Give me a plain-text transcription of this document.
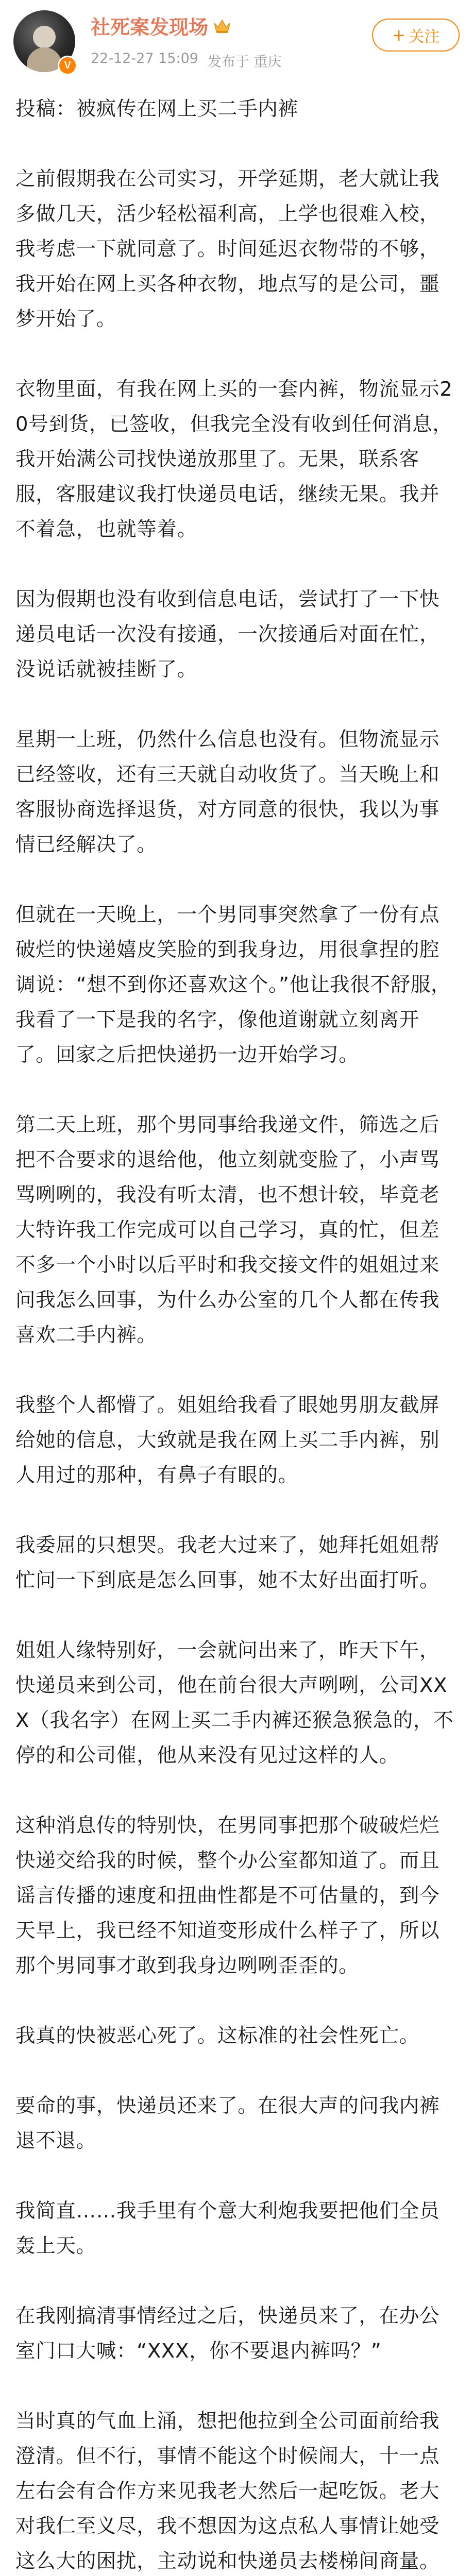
V
社死案发现场
22-12-27 15:09 发布于 重庆
+ 关注

投稿：被疯传在网上买二手内裤

之前假期我在公司实习，开学延期，老大就让我多做几天，活少轻松福利高，上学也很难入校，我考虑一下就同意了。时间延迟衣物带的不够，我开始在网上买各种衣物，地点写的是公司，噩梦开始了。

衣物里面，有我在网上买的一套内裤，物流显示20号到货，已签收，但我完全没有收到任何消息，我开始满公司找快递放那里了。无果，联系客服，客服建议我打快递员电话，继续无果。我并不着急，也就等着。

因为假期也没有收到信息电话，尝试打了一下快递员电话一次没有接通，一次接通后对面在忙，没说话就被挂断了。

星期一上班，仍然什么信息也没有。但物流显示已经签收，还有三天就自动收货了。当天晚上和客服协商选择退货，对方同意的很快，我以为事情已经解决了。

但就在一天晚上，一个男同事突然拿了一份有点破烂的快递嬉皮笑脸的到我身边，用很拿捏的腔调说：“想不到你还喜欢这个。”他让我很不舒服，我看了一下是我的名字，像他道谢就立刻离开了。回家之后把快递扔一边开始学习。

第二天上班，那个男同事给我递文件，筛选之后把不合要求的退给他，他立刻就变脸了，小声骂骂咧咧的，我没有听太清，也不想计较，毕竟老大特许我工作完成可以自己学习，真的忙，但差不多一个小时以后平时和我交接文件的姐姐过来问我怎么回事，为什么办公室的几个人都在传我喜欢二手内裤。

我整个人都懵了。姐姐给我看了眼她男朋友截屏给她的信息，大致就是我在网上买二手内裤，别人用过的那种，有鼻子有眼的。

我委屈的只想哭。我老大过来了，她拜托姐姐帮忙问一下到底是怎么回事，她不太好出面打听。

姐姐人缘特别好，一会就问出来了，昨天下午，快递员来到公司，他在前台很大声咧咧，公司XXX（我名字）在网上买二手内裤还猴急猴急的，不停的和公司催，他从来没有见过这样的人。

这种消息传的特别快，在男同事把那个破破烂烂快递交给我的时候，整个办公室都知道了。而且谣言传播的速度和扭曲性都是不可估量的，到今天早上，我已经不知道变形成什么样子了，所以那个男同事才敢到我身边咧咧歪歪的。

我真的快被恶心死了。这标准的社会性死亡。

要命的事，快递员还来了。在很大声的问我内裤退不退。

我简直……我手里有个意大利炮我要把他们全员轰上天。

在我刚搞清事情经过之后，快递员来了，在办公室门口大喊：“XXX，你不要退内裤吗？”

当时真的气血上涌，想把他拉到全公司面前给我澄清。但不行，事情不能这个时候闹大，十一点左右会有合作方来见我老大然后一起吃饭。老大对我仁至义尽，我不想因为这点私人事情让她受这么大的困扰，主动说和快递员去楼梯间商量。
